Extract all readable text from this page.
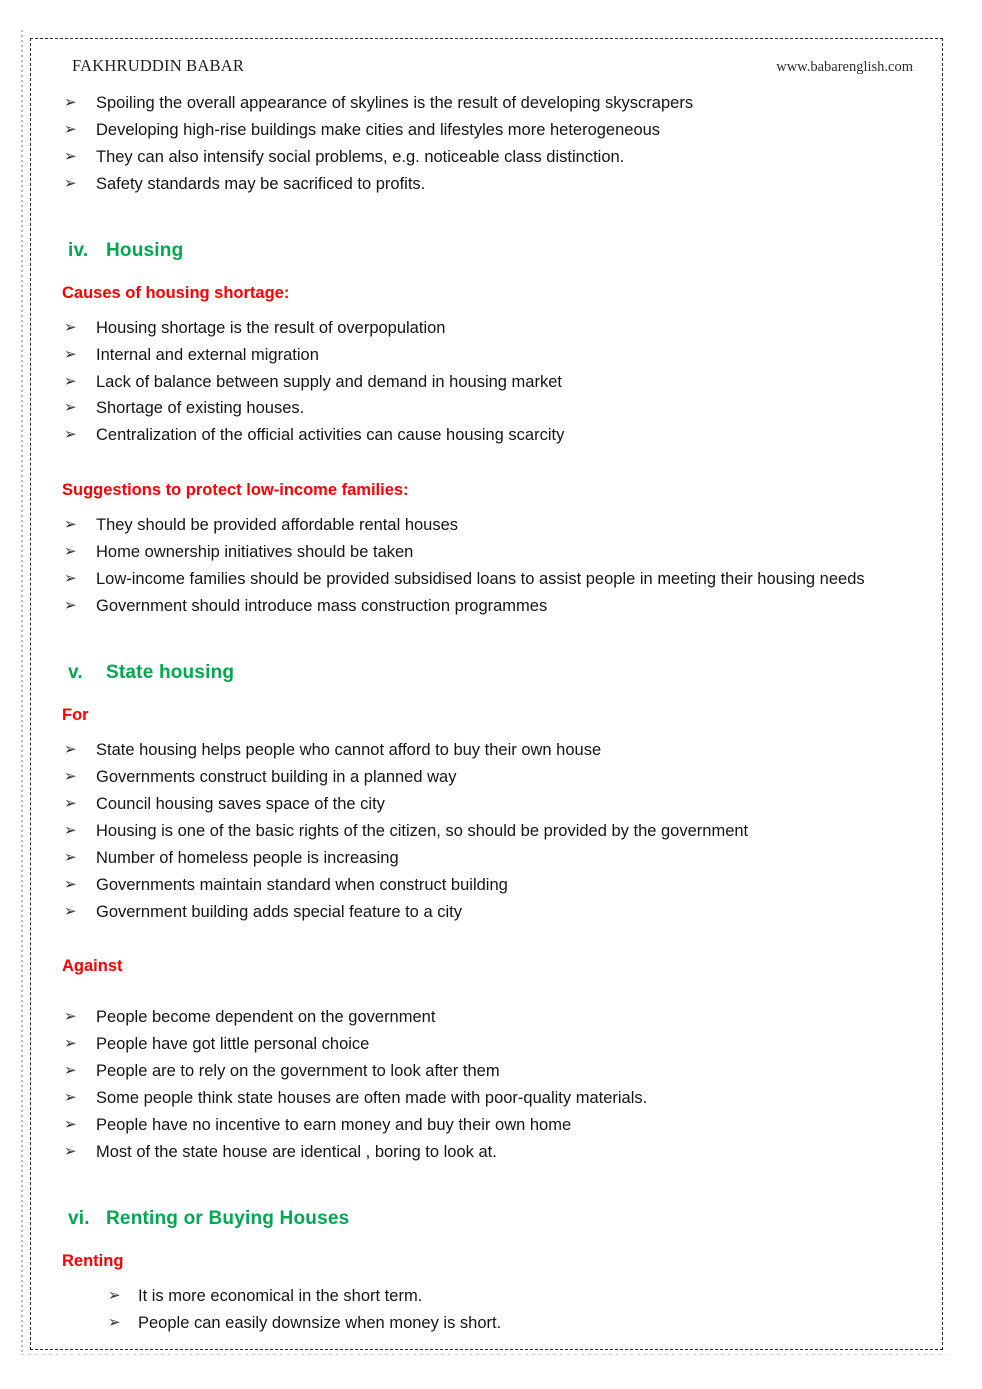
FAKHRUDDIN BABAR	www.babarenglish.com
➢ Spoiling the overall appearance of skylines is the result of developing skyscrapers
➢ Developing high-rise buildings make cities and lifestyles more heterogeneous
➢ They can also intensify social problems, e.g. noticeable class distinction.
➢ Safety standards may be sacrificed to profits.
iv. Housing
Causes of housing shortage:
➢ Housing shortage is the result of overpopulation
➢ Internal and external migration
➢ Lack of balance between supply and demand in housing market
➢ Shortage of existing houses.
➢ Centralization of the official activities can cause housing scarcity
Suggestions to protect low-income families:
➢ They should be provided affordable rental houses
➢ Home ownership initiatives should be taken
➢ Low-income families should be provided subsidised loans to assist people in meeting their housing needs
➢ Government should introduce mass construction programmes
v.	State housing
For
➢ State housing helps people who cannot afford to buy their own house
➢ Governments construct building in a planned way
➢ Council housing saves space of the city
➢ Housing is one of the basic rights of the citizen, so should be provided by the government
➢ Number of homeless people is increasing
➢ Governments maintain standard when construct building
➢ Government building adds special feature to a city
Against
➢ People become dependent on the government
➢ People have got little personal choice
➢ People are to rely on the government to look after them
➢ Some people think state houses are often made with poor-quality materials.
➢ People have no incentive to earn money and buy their own home
➢ Most of the state house are identical , boring to look at.
vi. Renting or Buying Houses
Renting
➢ It is more economical in the short term.
➢ People can easily downsize when money is short.
